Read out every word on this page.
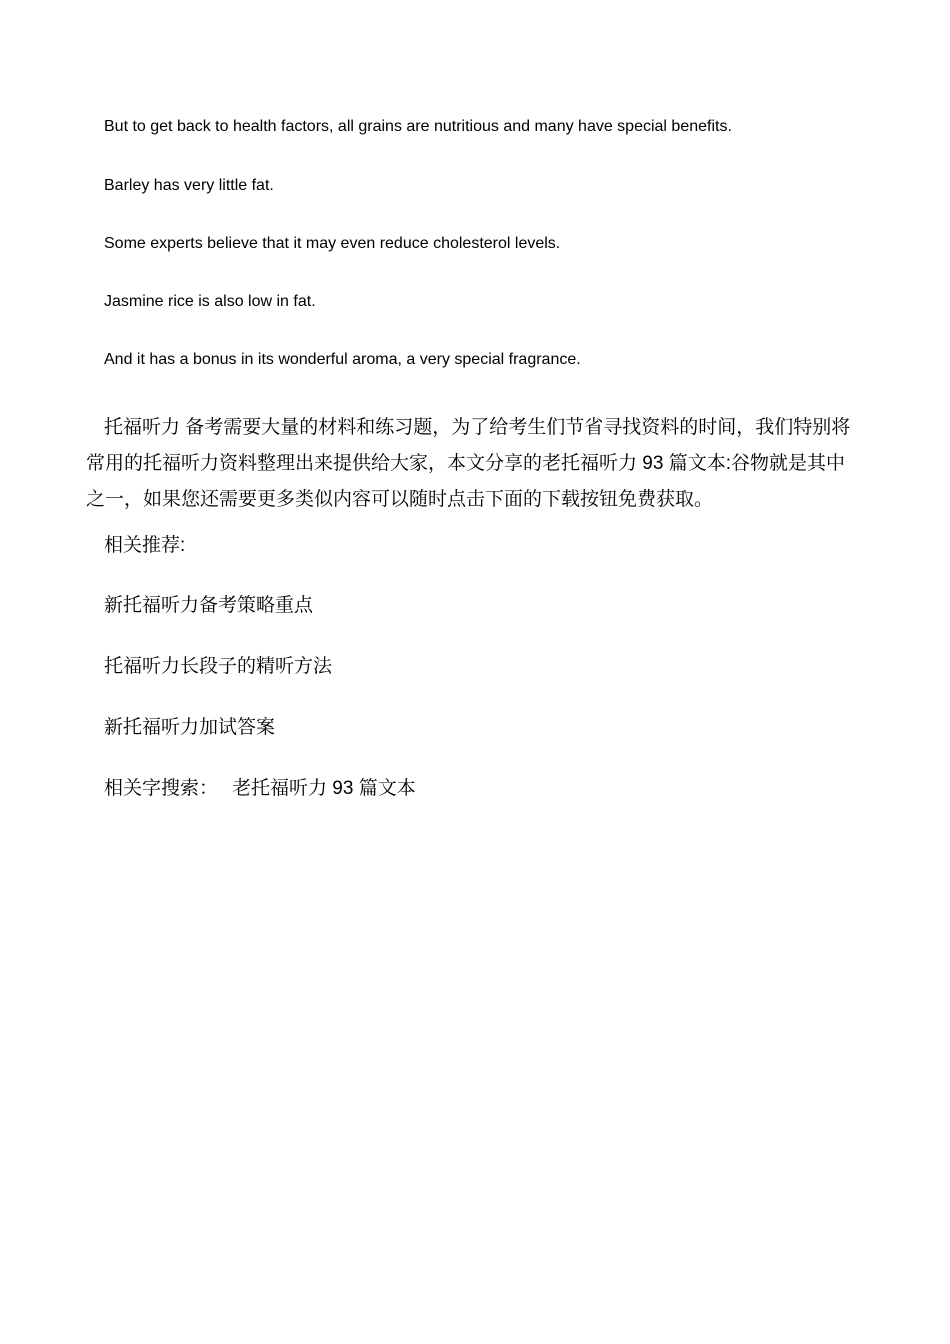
But to get back to health factors, all grains are nutritious and many have special benefits.
Barley has very little fat.
Some experts believe that it may even reduce cholesterol levels.
Jasmine rice is also low in fat.
And it has a bonus in its wonderful aroma, a very special fragrance.

托福听力 备考需要大量的材料和练习题，为了给考生们节省寻找资料的时间，我们特别将常用的托福听力资料整理出来提供给大家，本文分享的老托福听力 93 篇文本:谷物就是其中之一，如果您还需要更多类似内容可以随时点击下面的下载按钮免费获取。

相关推荐:
新托福听力备考策略重点
托福听力长段子的精听方法
新托福听力加试答案
相关字搜索： 老托福听力 93 篇文本
